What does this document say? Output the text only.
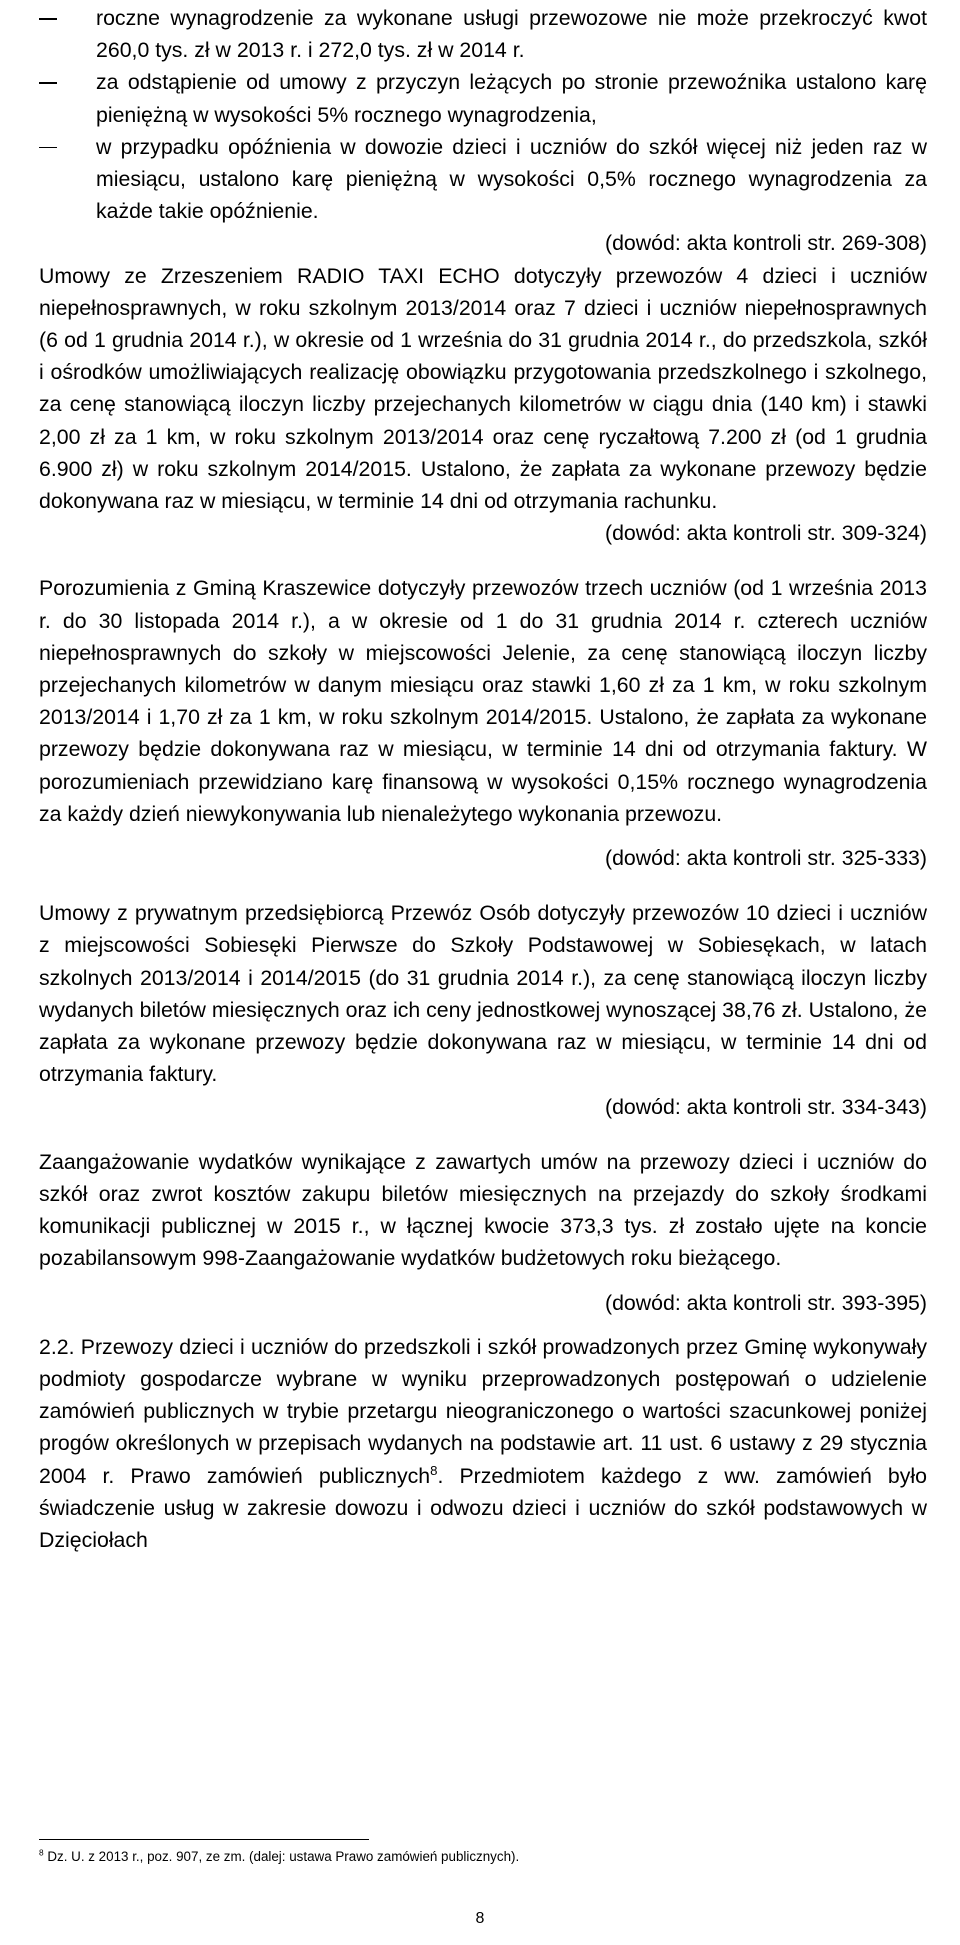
roczne wynagrodzenie za wykonane usługi przewozowe nie może przekroczyć kwot 260,0 tys. zł w 2013 r. i 272,0 tys. zł w 2014 r.

za odstąpienie od umowy z przyczyn leżących po stronie przewoźnika ustalono karę pieniężną w wysokości 5% rocznego wynagrodzenia,

w przypadku opóźnienia w dowozie dzieci i uczniów do szkół więcej niż jeden raz w miesiącu, ustalono karę pieniężną w wysokości 0,5% rocznego wynagrodzenia za każde takie opóźnienie.

(dowód: akta kontroli str. 269-308)

Umowy ze Zrzeszeniem RADIO TAXI ECHO dotyczyły przewozów 4 dzieci i uczniów niepełnosprawnych, w roku szkolnym 2013/2014 oraz 7 dzieci i uczniów niepełnosprawnych (6 od 1 grudnia 2014 r.), w okresie od 1 września do 31 grudnia 2014 r., do przedszkola, szkół i ośrodków umożliwiających realizację obowiązku przygotowania przedszkolnego i szkolnego, za cenę stanowiącą iloczyn liczby przejechanych kilometrów w ciągu dnia (140 km) i stawki 2,00 zł za 1 km, w roku szkolnym 2013/2014 oraz cenę ryczałtową 7.200 zł (od 1 grudnia 6.900 zł) w roku szkolnym 2014/2015. Ustalono, że zapłata za wykonane przewozy będzie dokonywana raz w miesiącu, w terminie 14 dni od otrzymania rachunku.

(dowód: akta kontroli str. 309-324)

Porozumienia z Gminą Kraszewice dotyczyły przewozów trzech uczniów (od 1 września 2013 r. do 30 listopada 2014 r.), a w okresie od 1 do 31 grudnia 2014 r. czterech uczniów niepełnosprawnych do szkoły w miejscowości Jelenie, za cenę stanowiącą iloczyn liczby przejechanych kilometrów w danym miesiącu oraz stawki 1,60 zł za 1 km, w roku szkolnym 2013/2014 i 1,70 zł za 1 km, w roku szkolnym 2014/2015. Ustalono, że zapłata za wykonane przewozy będzie dokonywana raz w miesiącu, w terminie 14 dni od otrzymania faktury. W porozumieniach przewidziano karę finansową w wysokości 0,15% rocznego wynagrodzenia za każdy dzień niewykonywania lub nienależytego wykonania przewozu.

(dowód: akta kontroli str. 325-333)

Umowy z prywatnym przedsiębiorcą Przewóz Osób dotyczyły przewozów 10 dzieci i uczniów z miejscowości Sobiesęki Pierwsze do Szkoły Podstawowej w Sobiesękach, w latach szkolnych 2013/2014 i 2014/2015 (do 31 grudnia 2014 r.), za cenę stanowiącą iloczyn liczby wydanych biletów miesięcznych oraz ich ceny jednostkowej wynoszącej 38,76 zł. Ustalono, że zapłata za wykonane przewozy będzie dokonywana raz w miesiącu, w terminie 14 dni od otrzymania faktury.

(dowód: akta kontroli str. 334-343)

Zaangażowanie wydatków wynikające z zawartych umów na przewozy dzieci i uczniów do szkół oraz zwrot kosztów zakupu biletów miesięcznych na przejazdy do szkoły środkami komunikacji publicznej w 2015 r., w łącznej kwocie 373,3 tys. zł zostało ujęte na koncie pozabilansowym 998-Zaangażowanie wydatków budżetowych roku bieżącego.

(dowód: akta kontroli str. 393-395)

2.2. Przewozy dzieci i uczniów do przedszkoli i szkół prowadzonych przez Gminę wykonywały podmioty gospodarcze wybrane w wyniku przeprowadzonych postępowań o udzielenie zamówień publicznych w trybie przetargu nieograniczonego o wartości szacunkowej poniżej progów określonych w przepisach wydanych na podstawie art. 11 ust. 6 ustawy z 29 stycznia 2004 r. Prawo zamówień publicznych$^8$. Przedmiotem każdego z ww. zamówień było świadczenie usług w zakresie dowozu i odwozu dzieci i uczniów do szkół podstawowych w Dzięciołach

$^8$ Dz. U. z 2013 r., poz. 907, ze zm. (dalej: ustawa Prawo zamówień publicznych).

8
